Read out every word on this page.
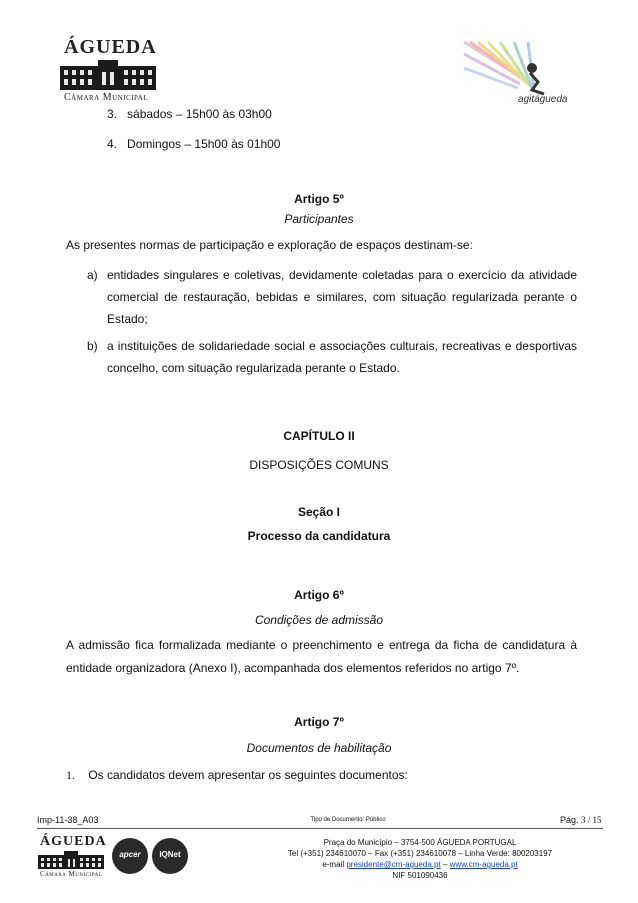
ÁGUEDA
Câmara Municipal	agitágueda
3. sábados – 15h00 às 03h00
4. Domingos – 15h00 às 01h00
Artigo 5º
Participantes
As presentes normas de participação e exploração de espaços destinam-se:
a) entidades singulares e coletivas, devidamente coletadas para o exercício da atividade
comercial de restauração, bebidas e similares, com situação regularizada perante o
Estado;
b) a instituições de solidariedade social e associações culturais, recreativas e desportivas
concelho, com situação regularizada perante o Estado.
CAPÍTULO II
DISPOSIÇÕES COMUNS
Seção I
Processo da candidatura
Artigo 6º
Condições de admissão
A admissão fica formalizada mediante o preenchimento e entrega da ficha de candidatura à
entidade organizadora (Anexo I), acompanhada dos elementos referidos no artigo 7º.
Artigo 7º
Documentos de habilitação
1. Os candidatos devem apresentar os seguintes documentos:
Imp-11-38_A03	Tipo de Documento: Público	Pág. 3 / 15
ÁGUEDA
Câmara Municipal
apcer	IQNet
Praça do Município – 3754-500 ÁGUEDA PORTUGAL
Tel (+351) 234610070 – Fax (+351) 234610078 – Linha Verde: 800203197
e-mail presidente@cm-agueda.pt – www.cm-agueda.pt
NIF 501090436
